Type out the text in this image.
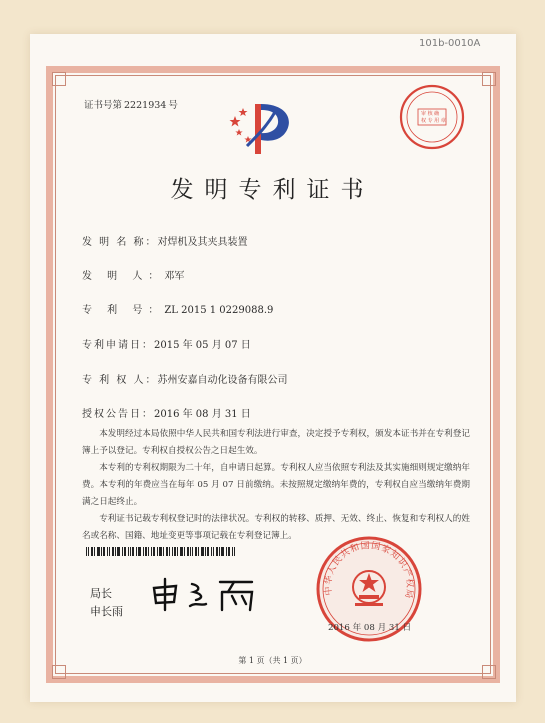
101b-0010A
证书号第 2221934 号
审 核 确
权 专 用 章
发明专利证书
发 明 名 称：对焊机及其夹具装置
发 明 人：邓军
专 利 号：ZL 2015 1 0229088.9
专利申请日：2015 年 05 月 07 日
专 利 权 人：苏州安嘉自动化设备有限公司
授权公告日：2016 年 08 月 31 日

本发明经过本局依照中华人民共和国专利法进行审查，决定授予专利权，颁发本证书并在专利登记簿上予以登记。专利权自授权公告之日起生效。

本专利的专利权期限为二十年，自申请日起算。专利权人应当依照专利法及其实施细则规定缴纳年费。本专利的年费应当在每年 05 月 07 日前缴纳。未按照规定缴纳年费的，专利权自应当缴纳年费期满之日起终止。

专利证书记载专利权登记时的法律状况。专利权的转移、质押、无效、终止、恢复和专利权人的姓名或名称、国籍、地址变更等事项记载在专利登记簿上。

局长
申长雨
中华人民共和国国家知识产权局
2016 年 08 月 31 日
第 1 页（共 1 页）
